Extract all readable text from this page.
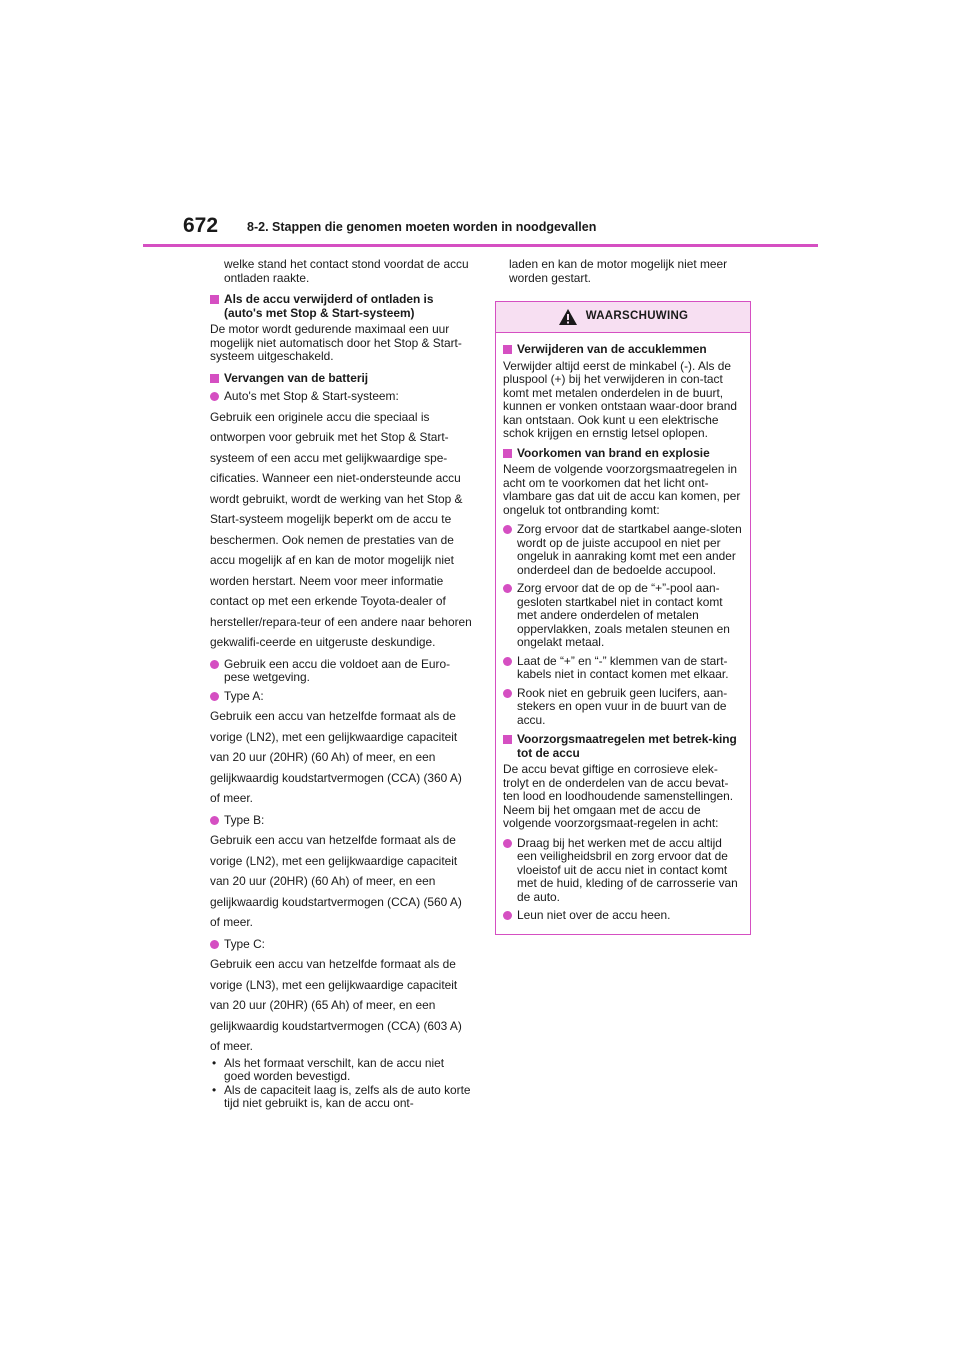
672 8-2. Stappen die genomen moeten worden in noodgevallen

welke stand het contact stond voordat de accu ontladen raakte.

Als de accu verwijderd of ontladen is (auto's met Stop & Start-systeem)

De motor wordt gedurende maximaal een uur mogelijk niet automatisch door het Stop & Start-systeem uitgeschakeld.

Vervangen van de batterij
Auto's met Stop & Start-systeem:

Gebruik een originele accu die speciaal is ontworpen voor gebruik met het Stop & Start-systeem of een accu met gelijkwaardige spe-cificaties. Wanneer een niet-ondersteunde accu wordt gebruikt, wordt de werking van het Stop & Start-systeem mogelijk beperkt om de accu te beschermen. Ook nemen de prestaties van de accu mogelijk af en kan de motor mogelijk niet worden herstart. Neem voor meer informatie contact op met een erkende Toyota-dealer of hersteller/repara-teur of een andere naar behoren gekwalifi-ceerde en uitgeruste deskundige.

Gebruik een accu die voldoet aan de Euro-pese wetgeving.
Type A:

Gebruik een accu van hetzelfde formaat als de vorige (LN2), met een gelijkwaardige capaciteit van 20 uur (20HR) (60 Ah) of meer, en een gelijkwaardig koudstartvermogen (CCA) (360 A) of meer.

Type B:

Gebruik een accu van hetzelfde formaat als de vorige (LN2), met een gelijkwaardige capaciteit van 20 uur (20HR) (60 Ah) of meer, en een gelijkwaardig koudstartvermogen (CCA) (560 A) of meer.

Type C:

Gebruik een accu van hetzelfde formaat als de vorige (LN3), met een gelijkwaardige capaciteit van 20 uur (20HR) (65 Ah) of meer, en een gelijkwaardig koudstartvermogen (CCA) (603 A) of meer.

• Als het formaat verschilt, kan de accu niet goed worden bevestigd.
• Als de capaciteit laag is, zelfs als de auto korte tijd niet gebruikt is, kan de accu ont-

laden en kan de motor mogelijk niet meer worden gestart.

WAARSCHUWING
Verwijderen van de accuklemmen

Verwijder altijd eerst de minkabel (-). Als de pluspool (+) bij het verwijderen in con-tact komt met metalen onderdelen in de buurt, kunnen er vonken ontstaan waar-door brand kan ontstaan. Ook kunt u een elektrische schok krijgen en ernstig letsel oplopen.

Voorkomen van brand en explosie

Neem de volgende voorzorgsmaatregelen in acht om te voorkomen dat het licht ont-vlambare gas dat uit de accu kan komen, per ongeluk tot ontbranding komt:

Zorg ervoor dat de startkabel aange-sloten wordt op de juiste accupool en niet per ongeluk in aanraking komt met een ander onderdeel dan de bedoelde accupool.
Zorg ervoor dat de op de “+”-pool aan-gesloten startkabel niet in contact komt met andere onderdelen of metalen oppervlakken, zoals metalen steunen en ongelakt metaal.
Laat de “+” en “-” klemmen van de start-kabels niet in contact komen met elkaar.
Rook niet en gebruik geen lucifers, aan-stekers en open vuur in de buurt van de accu.
Voorzorgsmaatregelen met betrek-king tot de accu

De accu bevat giftige en corrosieve elek-trolyt en de onderdelen van de accu bevat-ten lood en loodhoudende samenstellingen. Neem bij het omgaan met de accu de volgende voorzorgsmaat-regelen in acht:

Draag bij het werken met de accu altijd een veiligheidsbril en zorg ervoor dat de vloeistof uit de accu niet in contact komt met de huid, kleding of de carrosserie van de auto.
Leun niet over de accu heen.
